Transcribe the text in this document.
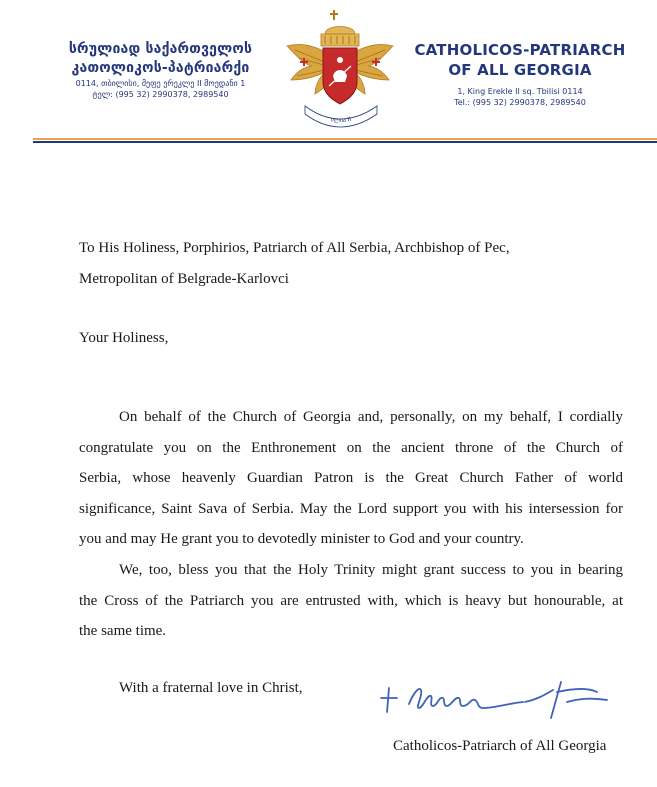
სრულიად საქართველოს
კათოლიკოს-პატრიარქი
0114, თბილისი, მეფე ერეკლე II მოედანი 1
ტელ: (995 32) 2990378, 2989540
ილია II
CATHOLICOS-PATRIARCH
OF ALL GEORGIA
1, King Erekle II sq. Tbilisi 0114
Tel.: (995 32) 2990378, 2989540
To His Holiness, Porphirios, Patriarch of All Serbia, Archbishop of Pec,
Metropolitan of Belgrade-Karlovci
Your Holiness,
On behalf of the Church of Georgia and, personally, on my behalf, I cordially
congratulate you on the Enthronement on the ancient throne of the Church of
Serbia, whose heavenly Guardian Patron is the Great Church Father of world
significance, Saint Sava of Serbia. May the Lord support you with his intersession for
you and may He grant you to devotedly minister to God and your country.
We, too, bless you that the Holy Trinity might grant success to you in bearing
the Cross of the Patriarch you are entrusted with, which is heavy but honourable, at
the same time.
With a fraternal love in Christ,
Catholicos-Patriarch of All Georgia
